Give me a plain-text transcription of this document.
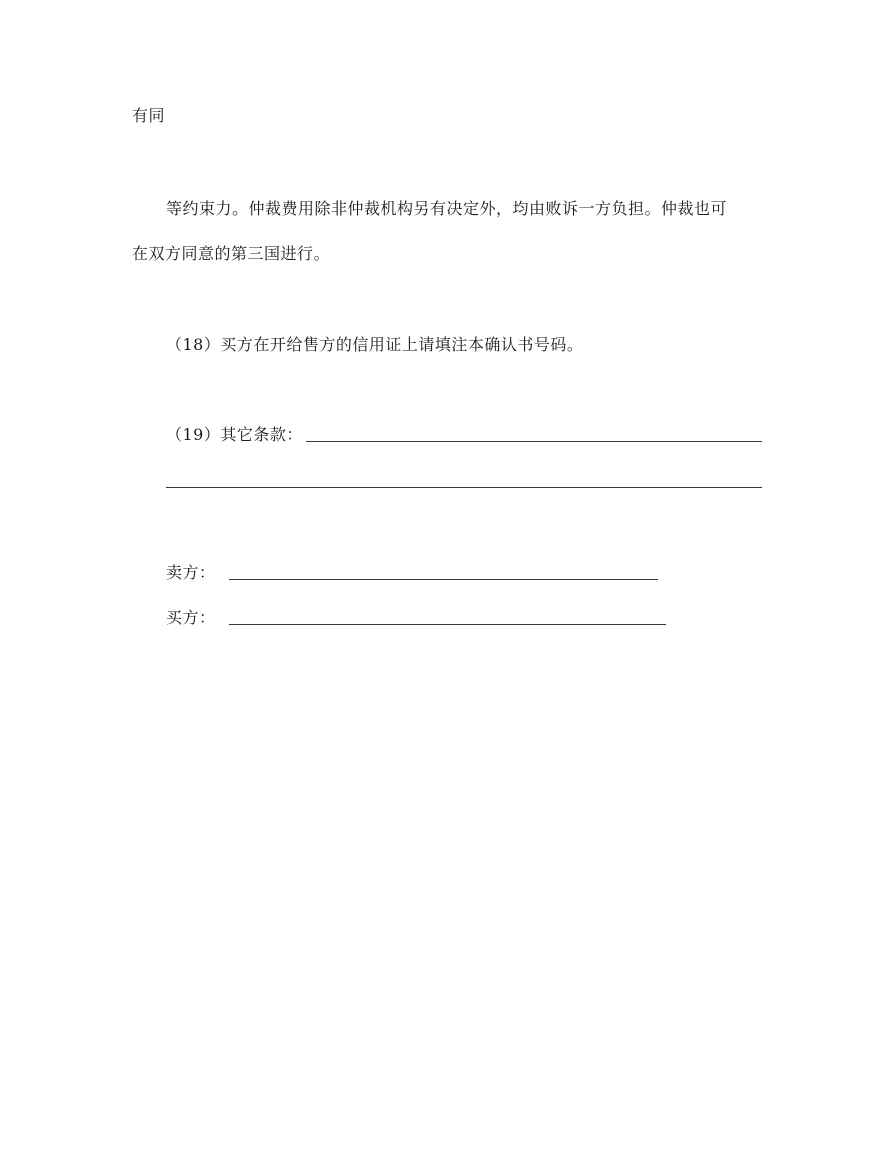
有同
等约束力。仲裁费用除非仲裁机构另有决定外，均由败诉一方负担。仲裁也可
在双方同意的第三国进行。
（18）买方在开给售方的信用证上请填注本确认书号码。
（19）其它条款：
卖方：
买方：
